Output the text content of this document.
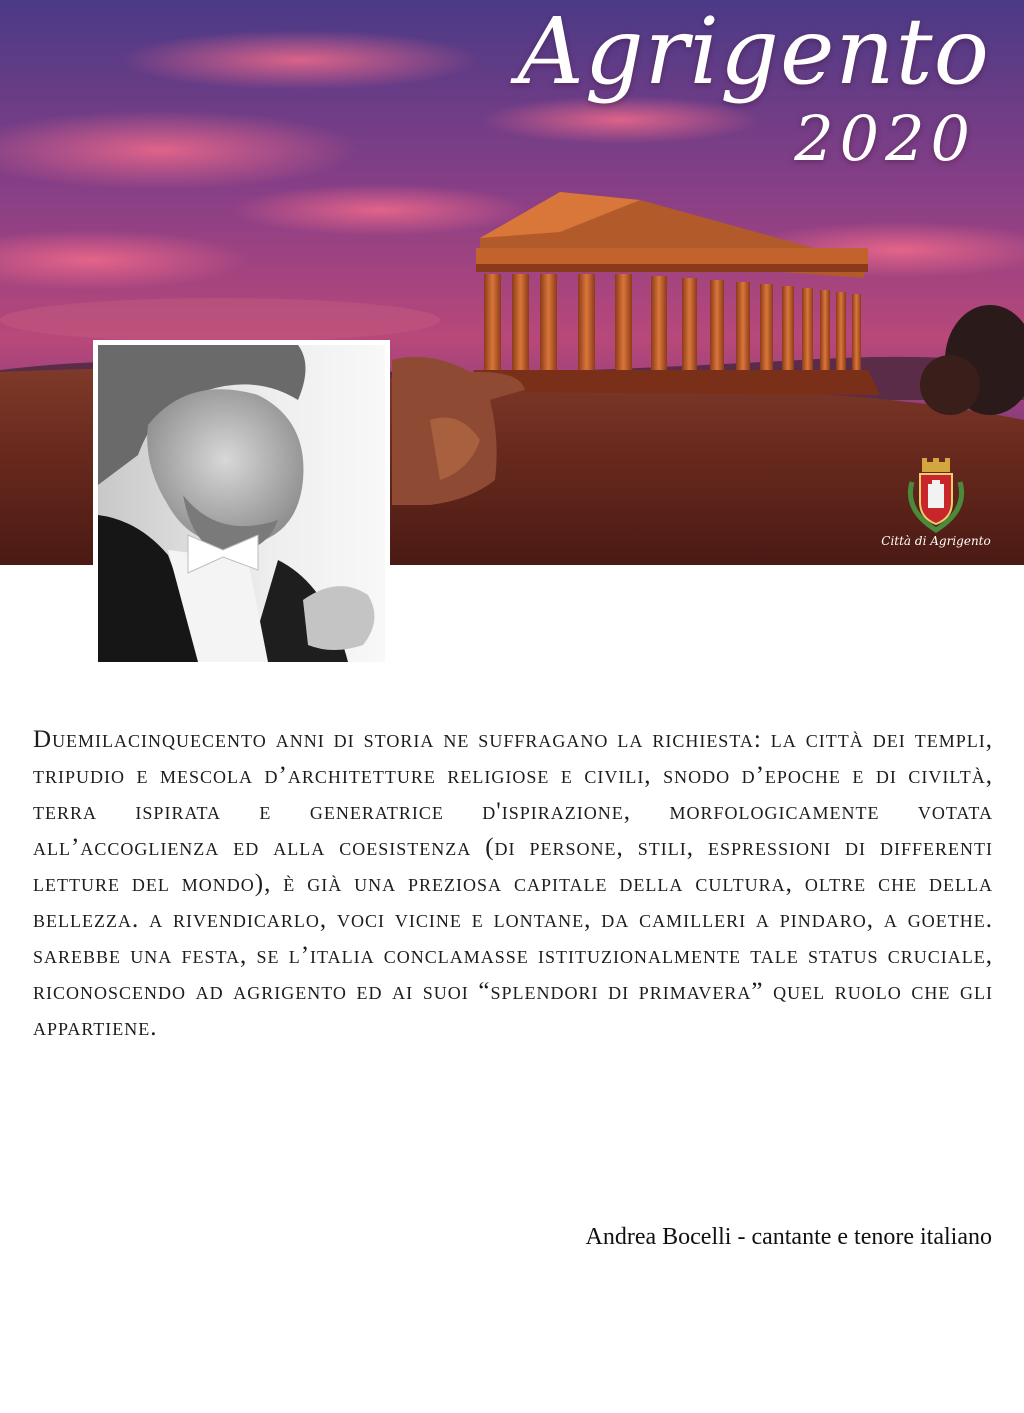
Agrigento
2020
Città di Agrigento

Duemilacinquecento anni di storia ne suffragano la richiesta: la città dei templi, tripudio e mescola d’architetture religiose e civili, snodo d’epoche e di civiltà, terra ispirata e generatrice d'ispirazione, morfologicamente votata all’accoglienza ed alla coesistenza (di persone, stili, espressioni di differenti letture del mondo), è già una preziosa capitale della cultura, oltre che della bellezza. a rivendicarlo, voci vicine e lontane, da camilleri a pindaro, a goethe. sarebbe una festa, se l’italia conclamasse istituzionalmente tale status cruciale, riconoscendo ad agrigento ed ai suoi “splendori di primavera” quel ruolo che gli appartiene.

Andrea Bocelli - cantante e tenore italiano
